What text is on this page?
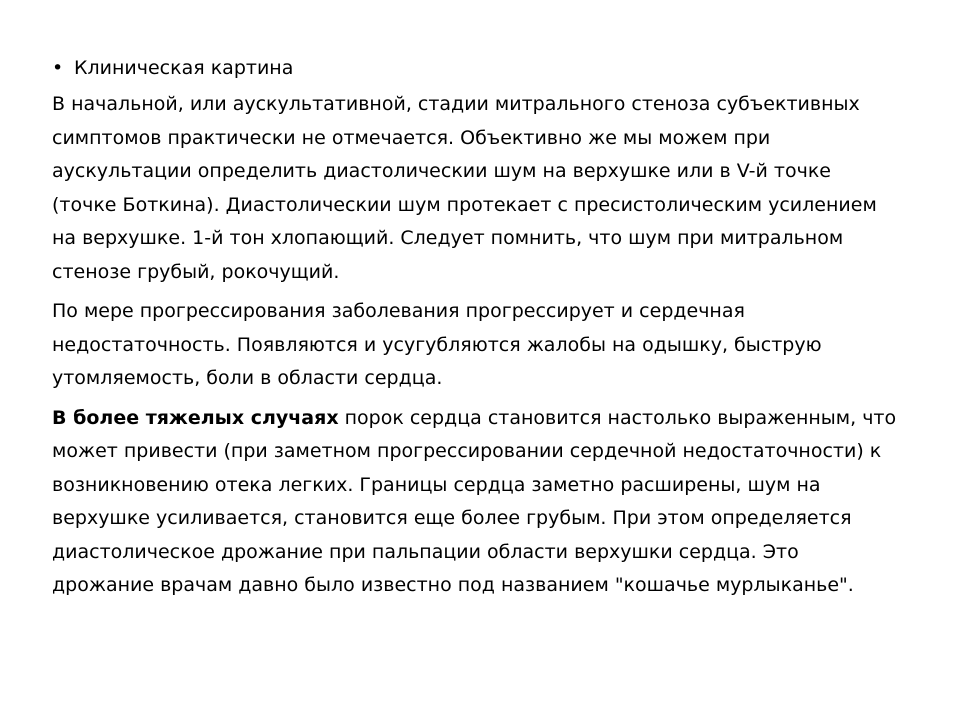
• Клиническая картина

В начальной, или аускультативной, стадии митрального стеноза субъективных симптомов практически не отмечается. Объективно же мы можем при аускультации определить диастолическии шум на верхушке или в V-й точке (точке Боткина). Диастолическии шум протекает с пресистолическим усилением на верхушке. 1-й тон хлопающий. Следует помнить, что шум при митральном стенозе грубый, рокочущий.

По мере прогрессирования заболевания прогрессирует и сердечная недостаточность. Появляются и усугубляются жалобы на одышку, быструю утомляемость, боли в области сердца.

В более тяжелых случаях порок сердца становится настолько выраженным, что может привести (при заметном прогрессировании сердечной недостаточности) к возникновению отека легких. Границы сердца заметно расширены, шум на верхушке усиливается, становится еще более грубым. При этом определяется диастолическое дрожание при пальпации области верхушки сердца. Это дрожание врачам давно было известно под названием "кошачье мурлыканье".
